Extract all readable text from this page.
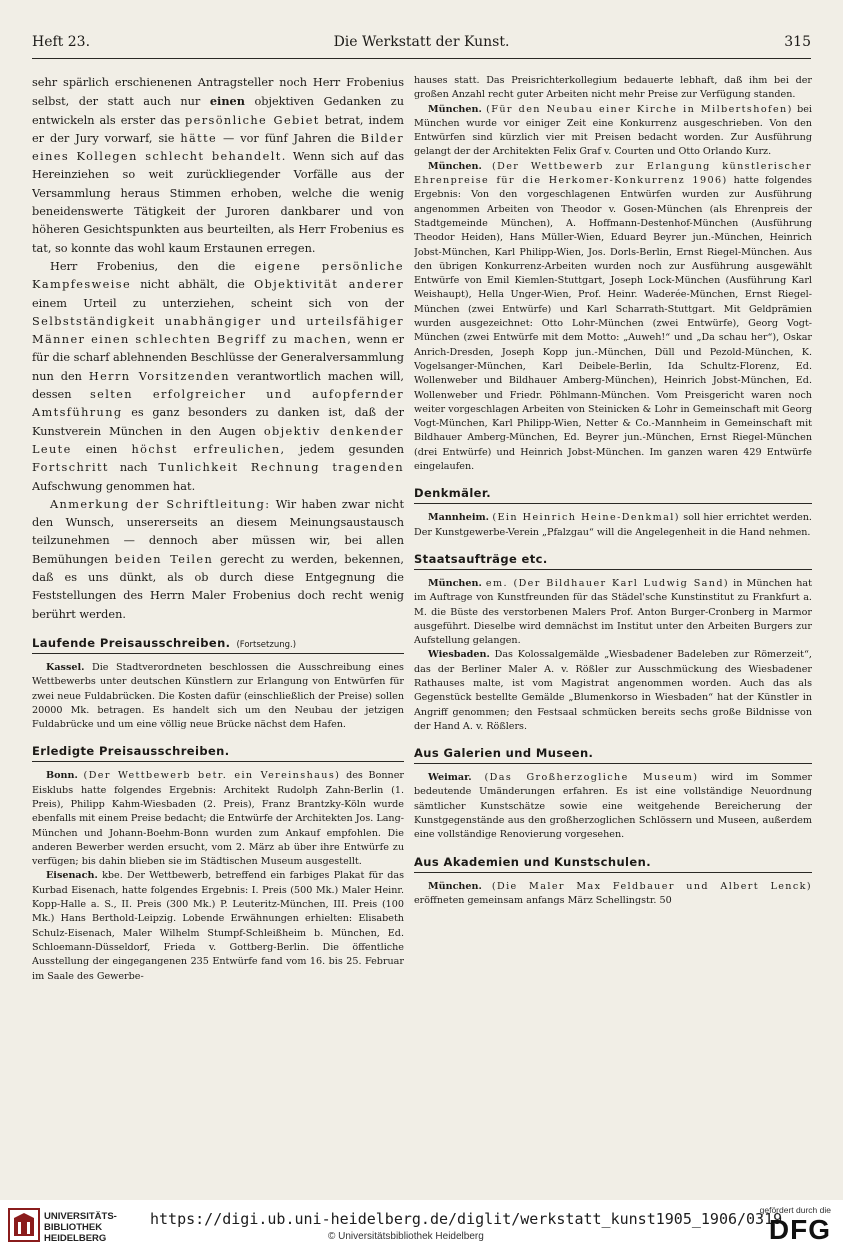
Heft 23.	Die Werkstatt der Kunst.	315

sehr spärlich erschienenen Antragsteller noch Herr Frobenius selbst, der statt auch nur einen objektiven Gedanken zu entwickeln als erster das persönliche Gebiet betrat, indem er der Jury vorwarf, sie hätte — vor fünf Jahren die Bilder eines Kollegen schlecht behandelt. Wenn sich auf das Hereinziehen so weit zurückliegender Vorfälle aus der Versammlung heraus Stimmen erhoben, welche die wenig beneidenswerte Tätigkeit der Juroren dankbarer und von höheren Gesichtspunkten aus beurteilten, als Herr Frobenius es tat, so konnte das wohl kaum Erstaunen erregen.

Herr Frobenius, den die eigene persönliche Kampfesweise nicht abhält, die Objektivität anderer einem Urteil zu unterziehen, scheint sich von der Selbstständigkeit unabhängiger und urteilsfähiger Männer einen schlechten Begriff zu machen, wenn er für die scharf ablehnenden Beschlüsse der Generalversammlung nun den Herrn Vorsitzenden verantwortlich machen will, dessen selten erfolgreicher und aufopfernder Amtsführung es ganz besonders zu danken ist, daß der Kunstverein München in den Augen objektiv denkender Leute einen höchst erfreulichen, jedem gesunden Fortschritt nach Tunlichkeit Rechnung tragenden Aufschwung genommen hat.

Anmerkung der Schriftleitung: Wir haben zwar nicht den Wunsch, unsererseits an diesem Meinungsaustausch teilzunehmen — dennoch aber müssen wir, bei allen Bemühungen beiden Teilen gerecht zu werden, bekennen, daß es uns dünkt, als ob durch diese Entgegnung die Feststellungen des Herrn Maler Frobenius doch recht wenig berührt werden.

Laufende Preisausschreiben. (Fortsetzung.)

Kassel. Die Stadtverordneten beschlossen die Ausschreibung eines Wettbewerbs unter deutschen Künstlern zur Erlangung von Entwürfen für zwei neue Fuldabrücken. Die Kosten dafür (einschließlich der Preise) sollen 20000 Mk. betragen. Es handelt sich um den Neubau der jetzigen Fuldabrücke und um eine völlig neue Brücke nächst dem Hafen.

Erledigte Preisausschreiben.

Bonn. (Der Wettbewerb betr. ein Vereinshaus) des Bonner Eisklubs hatte folgendes Ergebnis: Architekt Rudolph Zahn-Berlin (1. Preis), Philipp Kahm-Wiesbaden (2. Preis), Franz Brantzky-Köln wurde ebenfalls mit einem Preise bedacht; die Entwürfe der Architekten Jos. Lang-München und Johann-Boehm-Bonn wurden zum Ankauf empfohlen. Die anderen Bewerber werden ersucht, vom 2. März ab über ihre Entwürfe zu verfügen; bis dahin blieben sie im Städtischen Museum ausgestellt.

Eisenach. kbe. Der Wettbewerb, betreffend ein farbiges Plakat für das Kurbad Eisenach, hatte folgendes Ergebnis: I. Preis (500 Mk.) Maler Heinr. Kopp-Halle a. S., II. Preis (300 Mk.) P. Leuteritz-München, III. Preis (100 Mk.) Hans Berthold-Leipzig. Lobende Erwähnungen erhielten: Elisabeth Schulz-Eisenach, Maler Wilhelm Stumpf-Schleißheim b. München, Ed. Schloemann-Düsseldorf, Frieda v. Gottberg-Berlin. Die öffentliche Ausstellung der eingegangenen 235 Entwürfe fand vom 16. bis 25. Februar im Saale des Gewerbe-

hauses statt. Das Preisrichterkollegium bedauerte lebhaft, daß ihm bei der großen Anzahl recht guter Arbeiten nicht mehr Preise zur Verfügung standen.

München. (Für den Neubau einer Kirche in Milbertshofen) bei München wurde vor einiger Zeit eine Konkurrenz ausgeschrieben. Von den Entwürfen sind kürzlich vier mit Preisen bedacht worden. Zur Ausführung gelangt der der Architekten Felix Graf v. Courten und Otto Orlando Kurz.

München. (Der Wettbewerb zur Erlangung künstlerischer Ehrenpreise für die Herkomer-Konkurrenz 1906) hatte folgendes Ergebnis: Von den vorgeschlagenen Entwürfen wurden zur Ausführung angenommen Arbeiten von Theodor v. Gosen-München (als Ehrenpreis der Stadtgemeinde München), A. Hoffmann-Destenhof-München (Ausführung Theodor Heiden), Hans Müller-Wien, Eduard Beyrer jun.-München, Heinrich Jobst-München, Karl Philipp-Wien, Jos. Dorls-Berlin, Ernst Riegel-München. Aus den übrigen Konkurrenz-Arbeiten wurden noch zur Ausführung ausgewählt Entwürfe von Emil Kiemlen-Stuttgart, Joseph Lock-München (Ausführung Karl Weishaupt), Hella Unger-Wien, Prof. Heinr. Waderée-München, Ernst Riegel-München (zwei Entwürfe) und Karl Scharrath-Stuttgart. Mit Geldprämien wurden ausgezeichnet: Otto Lohr-München (zwei Entwürfe), Georg Vogt-München (zwei Entwürfe mit dem Motto: „Auweh!“ und „Da schau her“), Oskar Anrich-Dresden, Joseph Kopp jun.-München, Düll und Pezold-München, K. Vogelsanger-München, Karl Deibele-Berlin, Ida Schultz-Florenz, Ed. Wollenweber und Bildhauer Amberg-München), Heinrich Jobst-München, Ed. Wollenweber und Friedr. Pöhlmann-München. Vom Preisgericht waren noch weiter vorgeschlagen Arbeiten von Steinicken & Lohr in Gemeinschaft mit Georg Vogt-München, Karl Philipp-Wien, Netter & Co.-Mannheim in Gemeinschaft mit Bildhauer Amberg-München, Ed. Beyrer jun.-München, Ernst Riegel-München (drei Entwürfe) und Heinrich Jobst-München. Im ganzen waren 429 Entwürfe eingelaufen.

Denkmäler.

Mannheim. (Ein Heinrich Heine-Denkmal) soll hier errichtet werden. Der Kunstgewerbe-Verein „Pfalzgau“ will die Angelegenheit in die Hand nehmen.

Staatsaufträge etc.

München. em. (Der Bildhauer Karl Ludwig Sand) in München hat im Auftrage von Kunstfreunden für das Städel'sche Kunstinstitut zu Frankfurt a. M. die Büste des verstorbenen Malers Prof. Anton Burger-Cronberg in Marmor ausgeführt. Dieselbe wird demnächst im Institut unter den Arbeiten Burgers zur Aufstellung gelangen.

Wiesbaden. Das Kolossalgemälde „Wiesbadener Badeleben zur Römerzeit“, das der Berliner Maler A. v. Rößler zur Ausschmückung des Wiesbadener Rathauses malte, ist vom Magistrat angenommen worden. Auch das als Gegenstück bestellte Gemälde „Blumenkorso in Wiesbaden“ hat der Künstler in Angriff genommen; den Festsaal schmücken bereits sechs große Bildnisse von der Hand A. v. Rößlers.

Aus Galerien und Museen.

Weimar. (Das Großherzogliche Museum) wird im Sommer bedeutende Umänderungen erfahren. Es ist eine vollständige Neuordnung sämtlicher Kunstschätze sowie eine weitgehende Bereicherung der Kunstgegenstände aus den großherzoglichen Schlössern und Museen, außerdem eine vollständige Renovierung vorgesehen.

Aus Akademien und Kunstschulen.

München. (Die Maler Max Feldbauer und Albert Lenck) eröffneten gemeinsam anfangs März Schellingstr. 50

UNIVERSITÄTS-
BIBLIOTHEK
HEIDELBERG
https://digi.ub.uni-heidelberg.de/diglit/werkstatt_kunst1905_1906/0319
© Universitätsbibliothek Heidelberg
gefördert durch die
DFG
